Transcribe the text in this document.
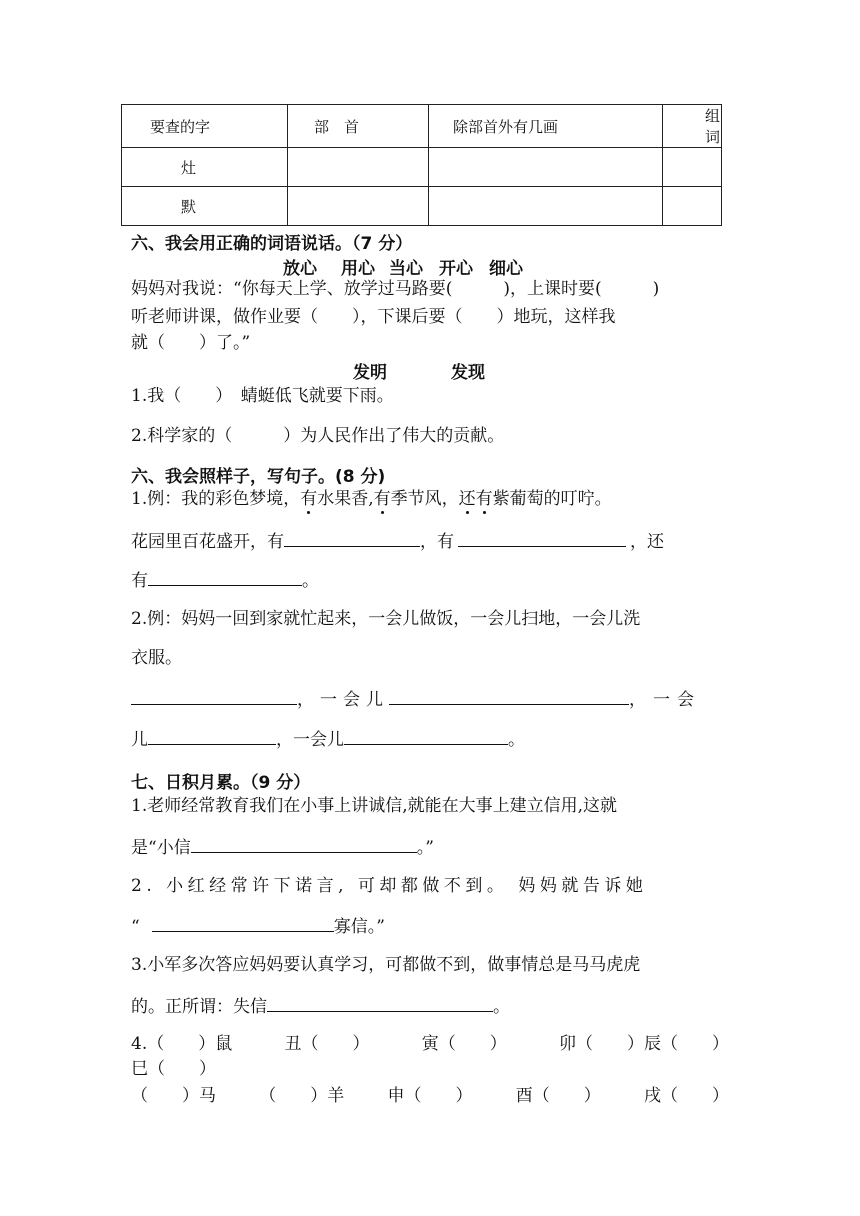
要查的字	部　首	除部首外有几画	组词
灶			
默			
六、我会用正确的词语说话。（7 分）
放心 用心 当心 开心 细心
妈妈对我说：“你每天上学、放学过马路要(　　　)，上课时要(　　　)
听老师讲课，做作业要（　　），下课后要（　　）地玩，这样我
就（　　）了。”
发明	发现
1.我（　　）　蜻蜓低飞就要下雨。
2.科学家的（　　　）为人民作出了伟大的贡献。
六、我会照样子，写句子。(8 分)
1.例：我的彩色梦境，有水果香,有季节风，还有紫葡萄的叮咛。
花园里百花盛开，有	，有	，还
有	。
2.例：妈妈一回到家就忙起来，一会儿做饭，一会儿扫地，一会儿洗
衣服。
，一会儿	，一会
儿	，一会儿	。
七、日积月累。（9 分）
1.老师经常教育我们在小事上讲诚信,就能在大事上建立信用,这就
是“小信	。”
2. 小红经常许下诺言, 可却都做不到。 妈妈就告诉她
“	寡信。”
3.小军多次答应妈妈要认真学习，可都做不到，做事情总是马马虎虎
的。正所谓：失信	。
4.（　　）鼠	丑（　　）	寅（　　）	卯（　　）辰（　　）
巳（　　）
（　　）马	（　　）羊	申（　　）	酉（　　）	戌（　　）
